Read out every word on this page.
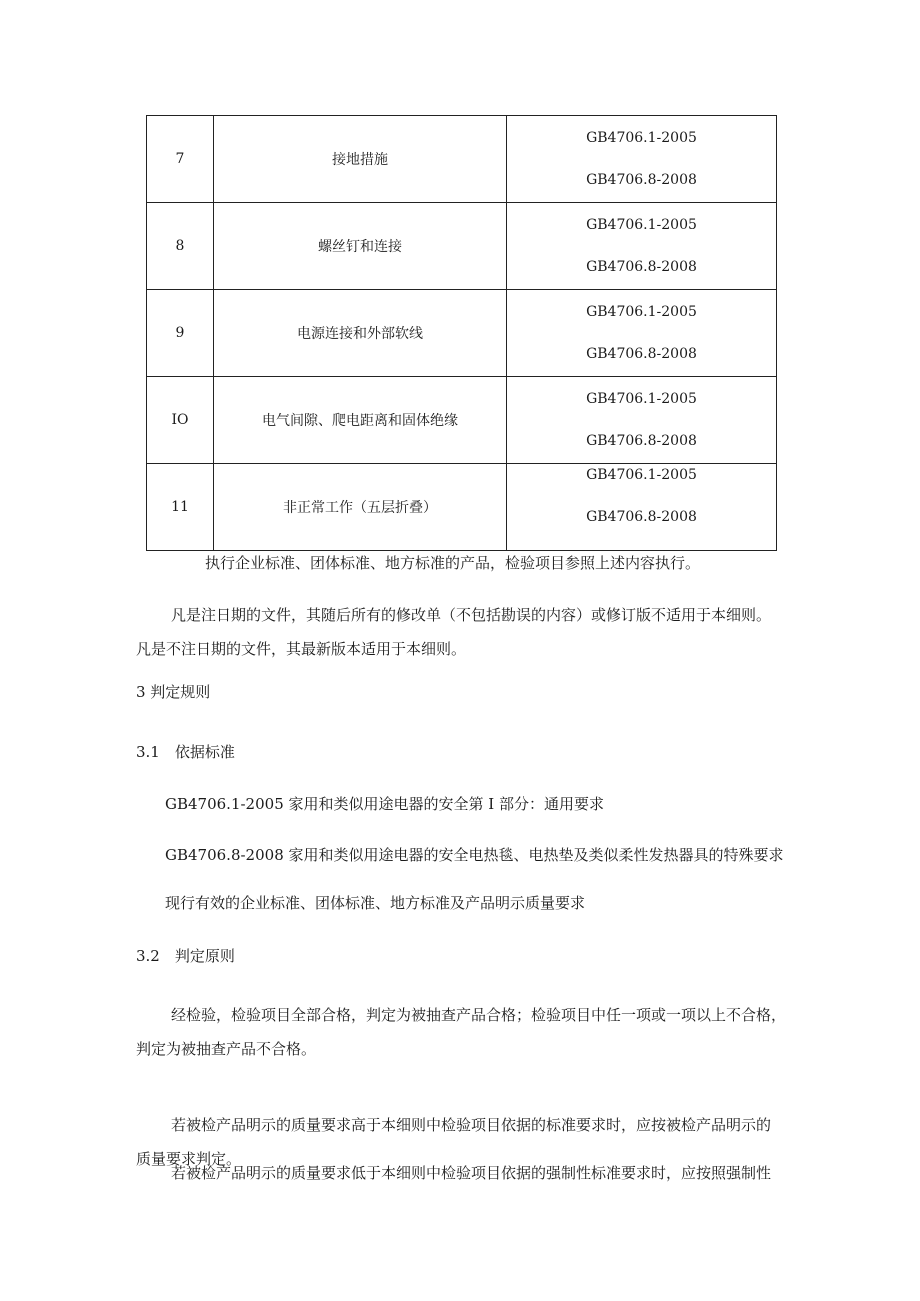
7	接地措施	GB4706.1-2005
GB4706.8-2008

8	螺丝钉和连接	GB4706.1-2005
GB4706.8-2008

9	电源连接和外部软线	GB4706.1-2005
GB4706.8-2008

IO	电气间隙、爬电距离和固体绝缘	GB4706.1-2005
GB4706.8-2008

11	非正常工作（五层折叠）	GB4706.1-2005
GB4706.8-2008
执行企业标准、团体标准、地方标准的产品，检验项目参照上述内容执行。
凡是注日期的文件，其随后所有的修改单（不包括勘误的内容）或修订版不适用于本细则。
凡是不注日期的文件，其最新版本适用于本细则。
3 判定规则
3.1　依据标准
GB4706.1-2005 家用和类似用途电器的安全第 I 部分：通用要求
GB4706.8-2008 家用和类似用途电器的安全电热毯、电热垫及类似柔性发热器具的特殊要求
现行有效的企业标准、团体标准、地方标准及产品明示质量要求
3.2　判定原则
经检验，检验项目全部合格，判定为被抽查产品合格；检验项目中任一项或一项以上不合格，
判定为被抽查产品不合格。
若被检产品明示的质量要求高于本细则中检验项目依据的标准要求时，应按被检产品明示的
质量要求判定。
若被检产品明示的质量要求低于本细则中检验项目依据的强制性标准要求时，应按照强制性
